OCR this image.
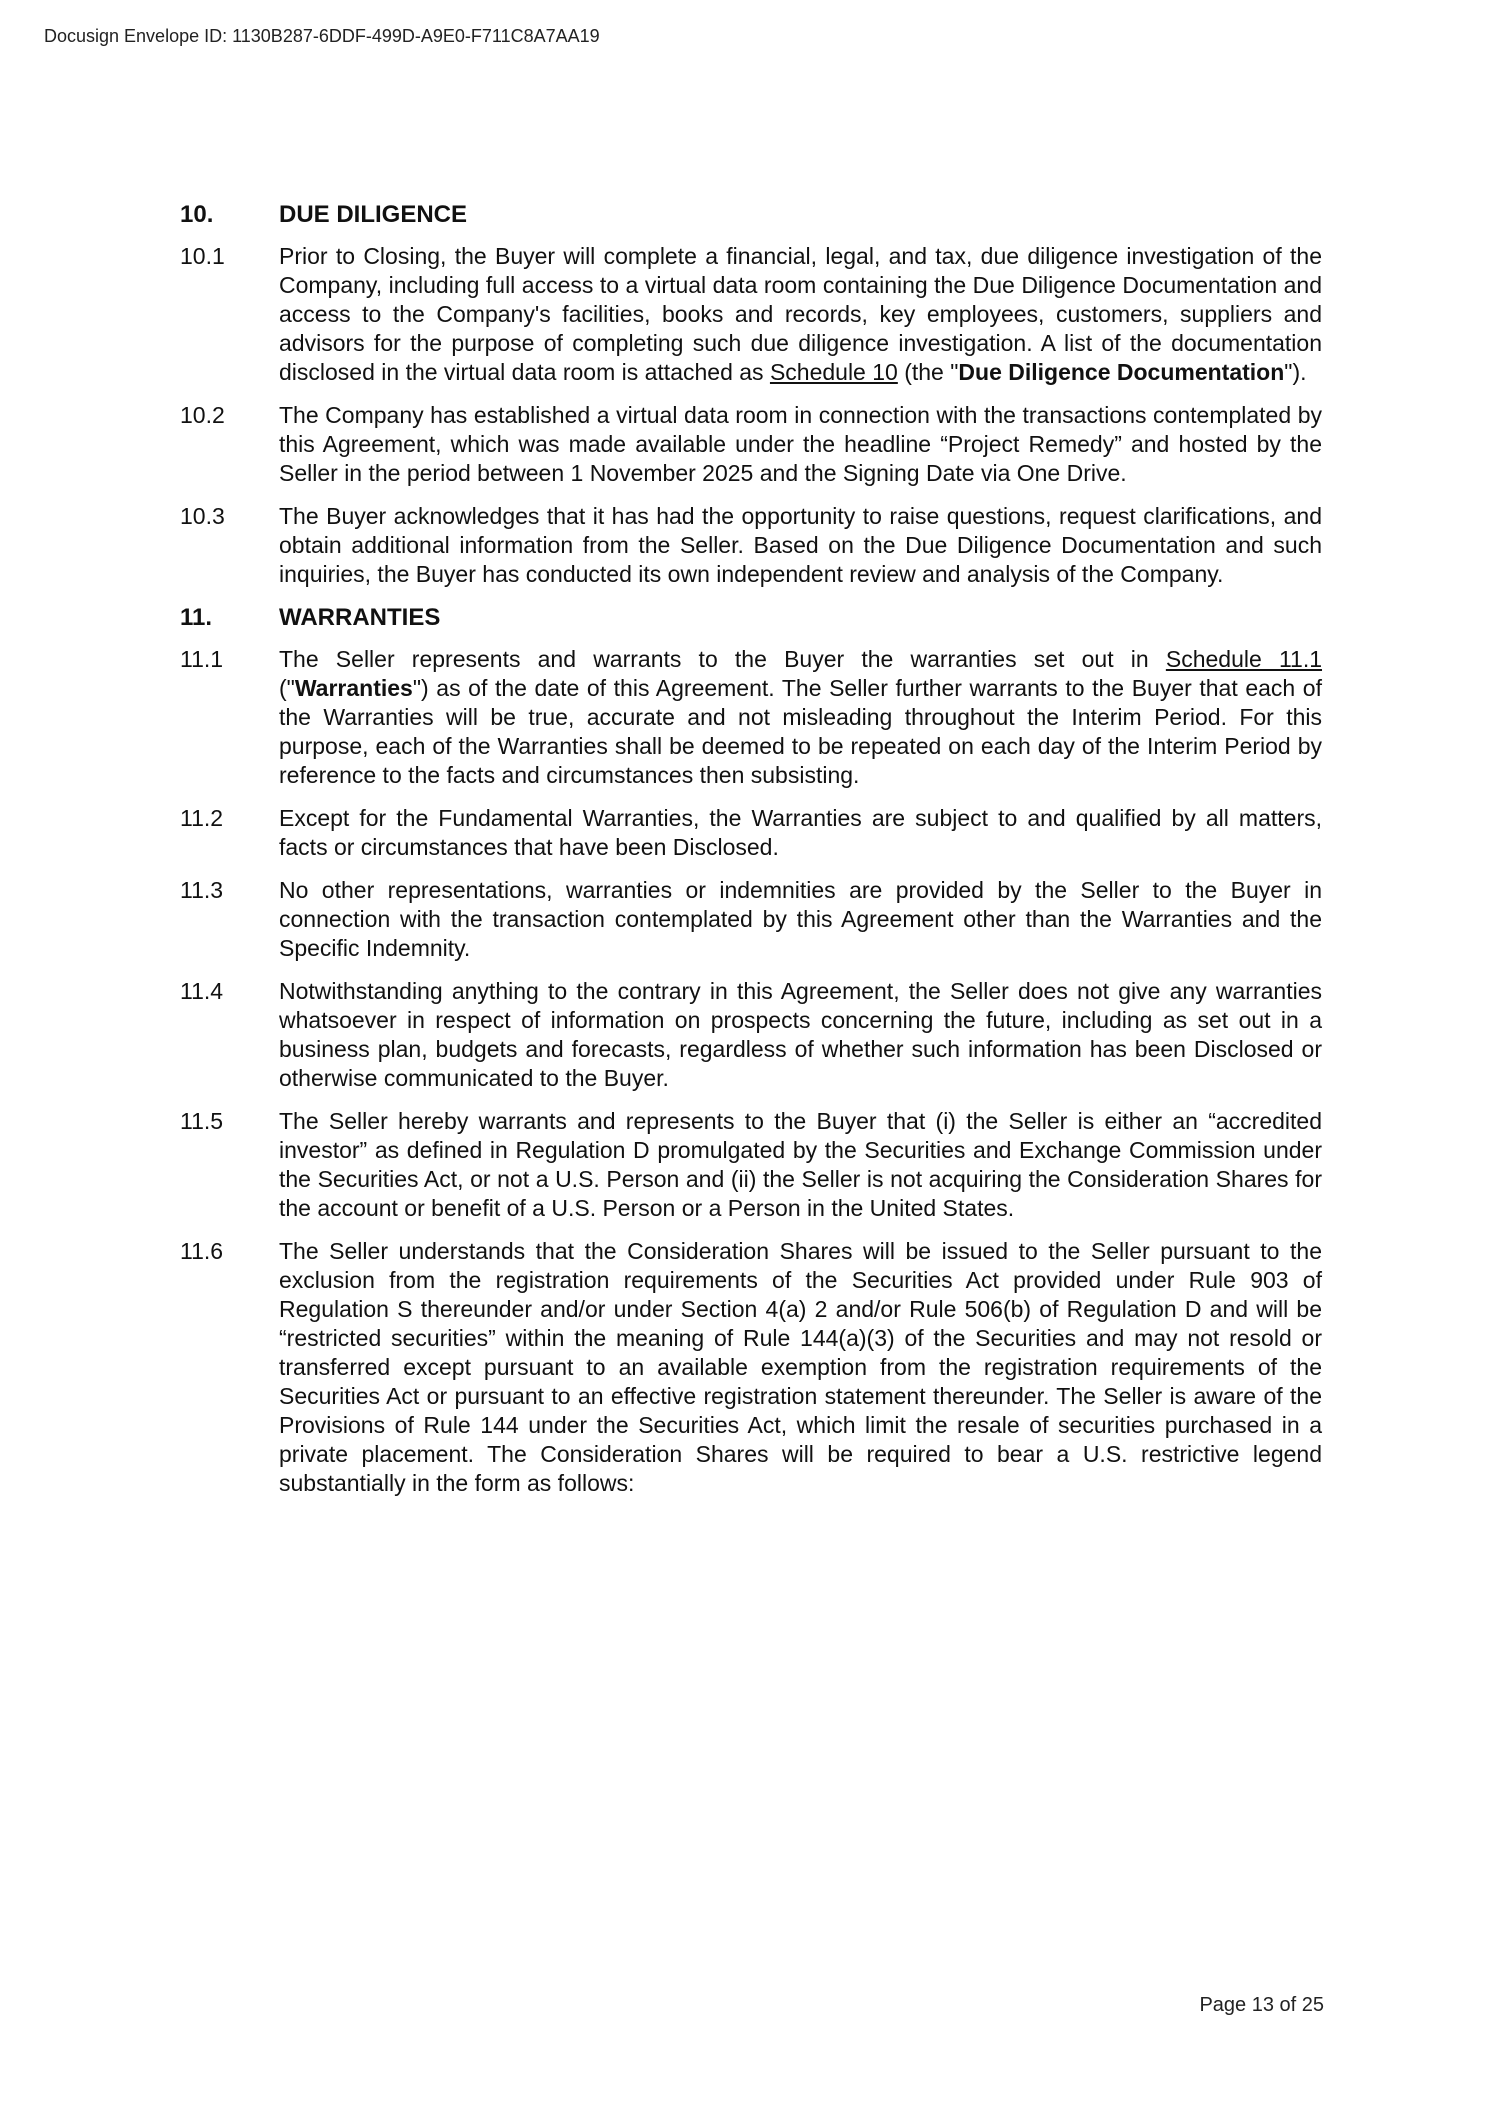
Docusign Envelope ID: 1130B287-6DDF-499D-A9E0-F711C8A7AA19
10.	DUE DILIGENCE
10.1	Prior to Closing, the Buyer will complete a financial, legal, and tax, due diligence investigation of the Company, including full access to a virtual data room containing the Due Diligence Documentation and access to the Company's facilities, books and records, key employees, customers, suppliers and advisors for the purpose of completing such due diligence investigation. A list of the documentation disclosed in the virtual data room is attached as Schedule 10 (the "Due Diligence Documentation").
10.2	The Company has established a virtual data room in connection with the transactions contemplated by this Agreement, which was made available under the headline “Project Remedy” and hosted by the Seller in the period between 1 November 2025 and the Signing Date via One Drive.
10.3	The Buyer acknowledges that it has had the opportunity to raise questions, request clarifications, and obtain additional information from the Seller. Based on the Due Diligence Documentation and such inquiries, the Buyer has conducted its own independent review and analysis of the Company.
11.	WARRANTIES
11.1	The Seller represents and warrants to the Buyer the warranties set out in Schedule 11.1 ("Warranties") as of the date of this Agreement. The Seller further warrants to the Buyer that each of the Warranties will be true, accurate and not misleading throughout the Interim Period. For this purpose, each of the Warranties shall be deemed to be repeated on each day of the Interim Period by reference to the facts and circumstances then subsisting.
11.2	Except for the Fundamental Warranties, the Warranties are subject to and qualified by all matters, facts or circumstances that have been Disclosed.
11.3	No other representations, warranties or indemnities are provided by the Seller to the Buyer in connection with the transaction contemplated by this Agreement other than the Warranties and the Specific Indemnity.
11.4	Notwithstanding anything to the contrary in this Agreement, the Seller does not give any warranties whatsoever in respect of information on prospects concerning the future, including as set out in a business plan, budgets and forecasts, regardless of whether such information has been Disclosed or otherwise communicated to the Buyer.
11.5	The Seller hereby warrants and represents to the Buyer that (i) the Seller is either an “accredited investor” as defined in Regulation D promulgated by the Securities and Exchange Commission under the Securities Act, or not a U.S. Person and (ii) the Seller is not acquiring the Consideration Shares for the account or benefit of a U.S. Person or a Person in the United States.
11.6	The Seller understands that the Consideration Shares will be issued to the Seller pursuant to the exclusion from the registration requirements of the Securities Act provided under Rule 903 of Regulation S thereunder and/or under Section 4(a) 2 and/or Rule 506(b) of Regulation D and will be “restricted securities” within the meaning of Rule 144(a)(3) of the Securities and may not resold or transferred except pursuant to an available exemption from the registration requirements of the Securities Act or pursuant to an effective registration statement thereunder. The Seller is aware of the Provisions of Rule 144 under the Securities Act, which limit the resale of securities purchased in a private placement. The Consideration Shares will be required to bear a U.S. restrictive legend substantially in the form as follows:
Page 13 of 25
